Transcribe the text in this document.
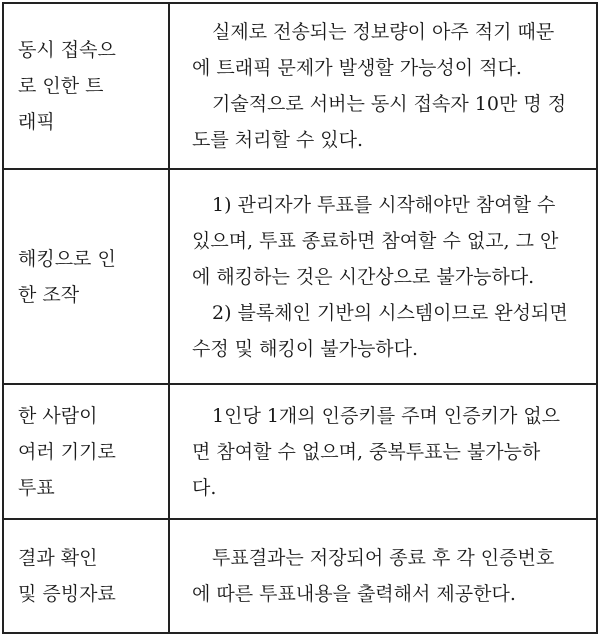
동시 접속으
로 인한 트
래픽	실제로 전송되는 정보량이 아주 적기 때문
에 트래픽 문제가 발생할 가능성이 적다.
기술적으로 서버는 동시 접속자 10만 명 정
도를 처리할 수 있다.

해킹으로 인
한 조작	1) 관리자가 투표를 시작해야만 참여할 수
있으며, 투표 종료하면 참여할 수 없고, 그 안
에 해킹하는 것은 시간상으로 불가능하다.
2) 블록체인 기반의 시스템이므로 완성되면
수정 및 해킹이 불가능하다.

한 사람이
여러 기기로
투표	1인당 1개의 인증키를 주며 인증키가 없으
면 참여할 수 없으며, 중복투표는 불가능하
다.

결과 확인
및 증빙자료	투표결과는 저장되어 종료 후 각 인증번호
에 따른 투표내용을 출력해서 제공한다.
